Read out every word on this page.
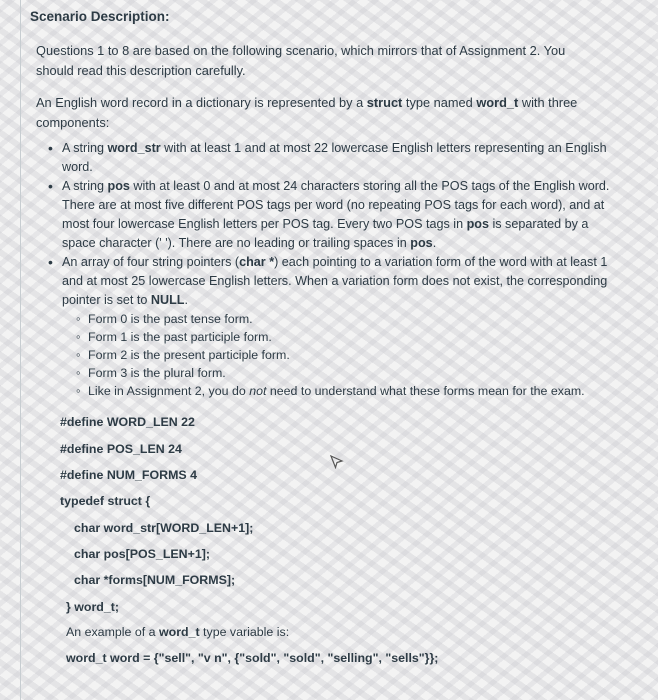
Scenario Description:
Questions 1 to 8 are based on the following scenario, which mirrors that of Assignment 2. You should read this description carefully.
An English word record in a dictionary is represented by a struct type named word_t with three components:
• A string word_str with at least 1 and at most 22 lowercase English letters representing an English word.
• A string pos with at least 0 and at most 24 characters storing all the POS tags of the English word. There are at most five different POS tags per word (no repeating POS tags for each word), and at most four lowercase English letters per POS tag. Every two POS tags in pos is separated by a space character (' '). There are no leading or trailing spaces in pos.
• An array of four string pointers (char *) each pointing to a variation form of the word with at least 1 and at most 25 lowercase English letters. When a variation form does not exist, the corresponding pointer is set to NULL.
◦ Form 0 is the past tense form.
◦ Form 1 is the past participle form.
◦ Form 2 is the present participle form.
◦ Form 3 is the plural form.
◦ Like in Assignment 2, you do not need to understand what these forms mean for the exam.
#define WORD_LEN 22
#define POS_LEN 24
#define NUM_FORMS 4
typedef struct {
char word_str[WORD_LEN+1];
char pos[POS_LEN+1];
char *forms[NUM_FORMS];
} word_t;
An example of a word_t type variable is:
word_t word = {"sell", "v n", {"sold", "sold", "selling", "sells"}};
